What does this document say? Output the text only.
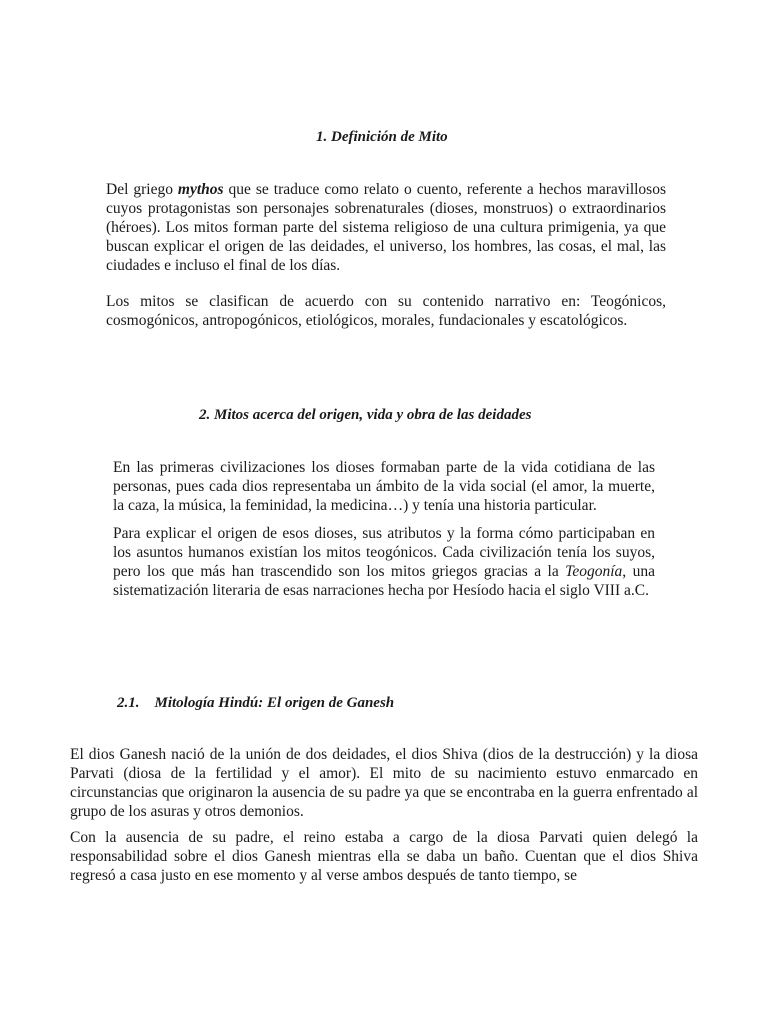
1. Definición de Mito

Del griego mythos que se traduce como relato o cuento, referente a hechos maravillosos cuyos protagonistas son personajes sobrenaturales (dioses, monstruos) o extraordinarios (héroes). Los mitos forman parte del sistema religioso de una cultura primigenia, ya que buscan explicar el origen de las deidades, el universo, los hombres, las cosas, el mal, las ciudades e incluso el final de los días.

Los mitos se clasifican de acuerdo con su contenido narrativo en: Teogónicos, cosmogónicos, antropogónicos, etiológicos, morales, fundacionales y escatológicos.

2. Mitos acerca del origen, vida y obra de las deidades

En las primeras civilizaciones los dioses formaban parte de la vida cotidiana de las personas, pues cada dios representaba un ámbito de la vida social (el amor, la muerte, la caza, la música, la feminidad, la medicina…) y tenía una historia particular.

Para explicar el origen de esos dioses, sus atributos y la forma cómo participaban en los asuntos humanos existían los mitos teogónicos. Cada civilización tenía los suyos, pero los que más han trascendido son los mitos griegos gracias a la Teogonía, una sistematización literaria de esas narraciones hecha por Hesíodo hacia el siglo VIII a.C.

2.1.    Mitología Hindú: El origen de Ganesh

El dios Ganesh nació de la unión de dos deidades, el dios Shiva (dios de la destrucción) y la diosa Parvati (diosa de la fertilidad y el amor). El mito de su nacimiento estuvo enmarcado en circunstancias que originaron la ausencia de su padre ya que se encontraba en la guerra enfrentado al grupo de los asuras y otros demonios.

Con la ausencia de su padre, el reino estaba a cargo de la diosa Parvati quien delegó la responsabilidad sobre el dios Ganesh mientras ella se daba un baño. Cuentan que el dios Shiva regresó a casa justo en ese momento y al verse ambos después de tanto tiempo, se
